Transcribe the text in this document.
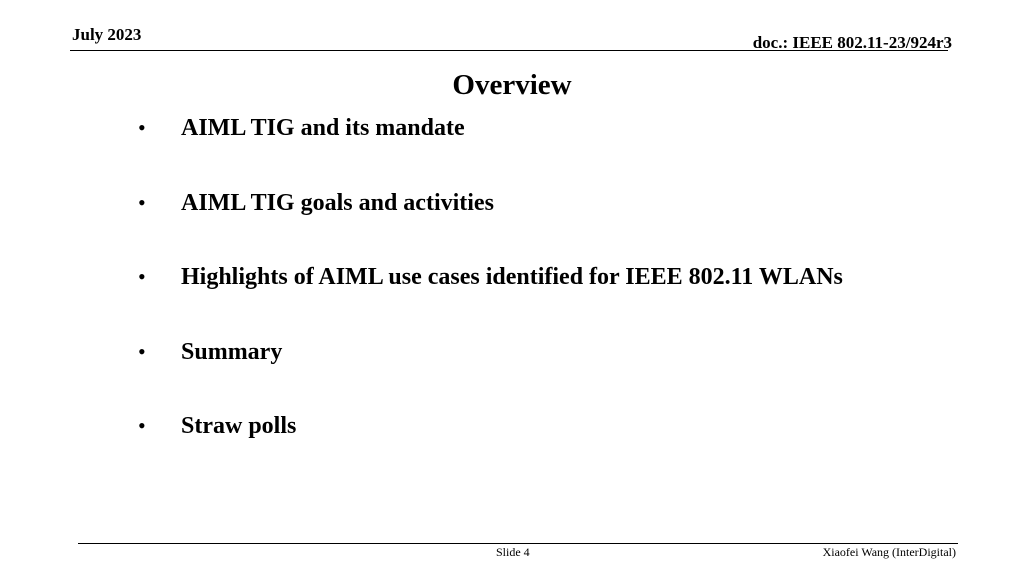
July 2023	doc.: IEEE 802.11-23/924r3
Overview
•	AIML TIG and its mandate
•	AIML TIG goals and activities
•	Highlights of AIML use cases identified for IEEE 802.11 WLANs
•	Summary
•	Straw polls
Slide 4	Xiaofei Wang (InterDigital)
